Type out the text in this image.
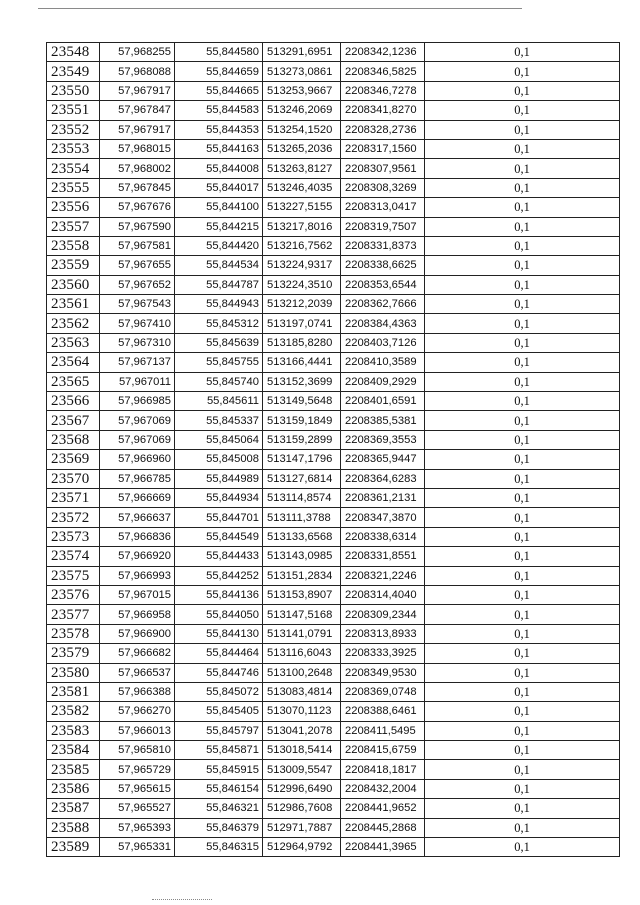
23548	57,968255	55,844580	513291,6951	2208342,1236	0,1
23549	57,968088	55,844659	513273,0861	2208346,5825	0,1
23550	57,967917	55,844665	513253,9667	2208346,7278	0,1
23551	57,967847	55,844583	513246,2069	2208341,8270	0,1
23552	57,967917	55,844353	513254,1520	2208328,2736	0,1
23553	57,968015	55,844163	513265,2036	2208317,1560	0,1
23554	57,968002	55,844008	513263,8127	2208307,9561	0,1
23555	57,967845	55,844017	513246,4035	2208308,3269	0,1
23556	57,967676	55,844100	513227,5155	2208313,0417	0,1
23557	57,967590	55,844215	513217,8016	2208319,7507	0,1
23558	57,967581	55,844420	513216,7562	2208331,8373	0,1
23559	57,967655	55,844534	513224,9317	2208338,6625	0,1
23560	57,967652	55,844787	513224,3510	2208353,6544	0,1
23561	57,967543	55,844943	513212,2039	2208362,7666	0,1
23562	57,967410	55,845312	513197,0741	2208384,4363	0,1
23563	57,967310	55,845639	513185,8280	2208403,7126	0,1
23564	57,967137	55,845755	513166,4441	2208410,3589	0,1
23565	57,967011	55,845740	513152,3699	2208409,2929	0,1
23566	57,966985	55,845611	513149,5648	2208401,6591	0,1
23567	57,967069	55,845337	513159,1849	2208385,5381	0,1
23568	57,967069	55,845064	513159,2899	2208369,3553	0,1
23569	57,966960	55,845008	513147,1796	2208365,9447	0,1
23570	57,966785	55,844989	513127,6814	2208364,6283	0,1
23571	57,966669	55,844934	513114,8574	2208361,2131	0,1
23572	57,966637	55,844701	513111,3788	2208347,3870	0,1
23573	57,966836	55,844549	513133,6568	2208338,6314	0,1
23574	57,966920	55,844433	513143,0985	2208331,8551	0,1
23575	57,966993	55,844252	513151,2834	2208321,2246	0,1
23576	57,967015	55,844136	513153,8907	2208314,4040	0,1
23577	57,966958	55,844050	513147,5168	2208309,2344	0,1
23578	57,966900	55,844130	513141,0791	2208313,8933	0,1
23579	57,966682	55,844464	513116,6043	2208333,3925	0,1
23580	57,966537	55,844746	513100,2648	2208349,9530	0,1
23581	57,966388	55,845072	513083,4814	2208369,0748	0,1
23582	57,966270	55,845405	513070,1123	2208388,6461	0,1
23583	57,966013	55,845797	513041,2078	2208411,5495	0,1
23584	57,965810	55,845871	513018,5414	2208415,6759	0,1
23585	57,965729	55,845915	513009,5547	2208418,1817	0,1
23586	57,965615	55,846154	512996,6490	2208432,2004	0,1
23587	57,965527	55,846321	512986,7608	2208441,9652	0,1
23588	57,965393	55,846379	512971,7887	2208445,2868	0,1
23589	57,965331	55,846315	512964,9792	2208441,3965	0,1
